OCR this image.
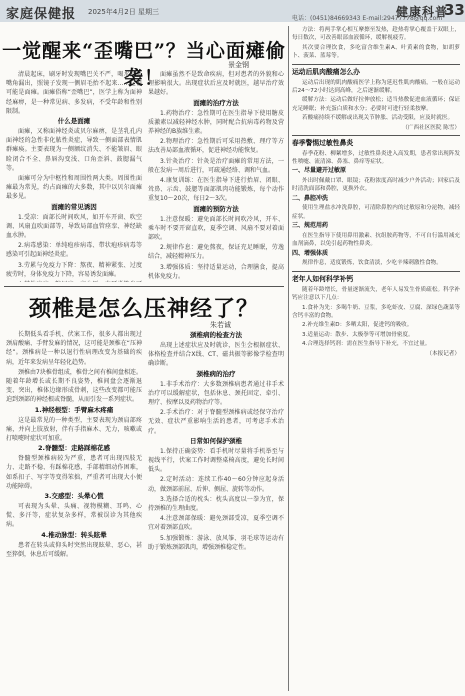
家庭保健报 2025年4月2日 星期三
电话：(0451)84669343 E-mail:29477778@qq.com
健康科普
33
一觉醒来“歪嘴巴”？当心面瘫偷袭！
景金钢

清晨起床，刷牙时发现嘴巴关不严，喝水时从嘴角漏出，照镜子发现一侧眉毛抬不起来……这很可能是面瘫。面瘫俗称“歪嘴巴”，医学上称为面神经麻痹，是一种常见病、多发病，不受年龄和性别限制。

什么是面瘫

面瘫，又称面神经炎或贝尔麻痹，是茎乳孔内面神经的急性非化脓性炎症，导致一侧面部表情肌群瘫痪。主要表现为一侧额纹消失、不能皱眉、眼睑闭合不全、鼻唇沟变浅、口角歪斜、鼓腮漏气等。

面瘫可分为中枢性和周围性两大类。周围性面瘫最为常见，约占面瘫的大多数，其中以贝尔面瘫最多见。

面瘫的常见诱因

1.受凉：面部长时间吹风，如开车开窗、吹空调、风扇直吹面部等，导致局部血管痉挛、神经缺血水肿。

2.病毒感染：单纯疱疹病毒、带状疱疹病毒等感染可引起面神经炎症。

3.劳累与免疫力下降：熬夜、精神紧张、过度疲劳时，身体免疫力下降，容易诱发面瘫。

面瘫虽然不是致命疾病，但对患者的外貌和心理影响很大。出现症状后应及时就医，越早治疗效果越好。

面瘫的治疗方法

1.药物治疗：急性期可在医生指导下使用糖皮质激素以减轻神经水肿，同时配合抗病毒药物及营养神经的B族维生素。

2.物理治疗：急性期后可采用热敷、理疗等方法改善局部血液循环，促进神经功能恢复。

3.针灸治疗：针灸是治疗面瘫的常用方法，一般在发病一周后进行，可疏通经络、调和气血。

4.康复训练：在医生指导下进行抬眉、闭眼、耸鼻、示齿、鼓腮等面部肌肉功能锻炼，每个动作重复10～20次，每日2～3次。

面瘫的预防方法

1.注意保暖：避免面部长时间吹冷风，开车、乘车时不要开窗直吹，夏季空调、风扇不要对着面部吹。

2.规律作息：避免熬夜，保证充足睡眠，劳逸结合，减轻精神压力。

3.增强体质：坚持适量运动，合理膳食，提高机体免疫力。

颈椎是怎么压神经了？
朱若诚

长期低头看手机、伏案工作，很多人都出现过颈肩酸痛、手臂发麻的情况，这可能是颈椎在“压神经”。颈椎病是一种以退行性病理改变为基础的疾病，近年来发病呈年轻化趋势。

颈椎由7块椎骨组成，椎骨之间有椎间盘相连。随着年龄增长或长期不良姿势，椎间盘会逐渐退变、突出，椎体边缘形成骨刺，这些改变都可能压迫到颈部的神经根或脊髓，从而引发一系列症状。

1.神经根型：手臂麻木疼痛

这是最常见的一种类型，主要表现为颈肩部疼痛，并向上肢放射，伴有手指麻木、无力，咳嗽或打喷嚏时症状可加重。

2.脊髓型：走路踩棉花感

脊髓型颈椎病较为严重，患者可出现四肢无力、走路不稳、有踩棉花感，手部精细动作困难，如系扣子、写字等变得笨拙，严重者可出现大小便功能障碍。

3.交感型：头晕心慌

可表现为头晕、头痛、视物模糊、耳鸣、心慌、多汗等，症状复杂多样，常被误诊为其他疾病。

4.椎动脉型：转头眩晕

患者在转头或仰头时突然出现眩晕、恶心，甚至猝倒，休息后可缓解。

颈椎病的检查方法

出现上述症状应及时就诊，医生会根据症状、体格检查并结合X线、CT、磁共振等影像学检查明确诊断。

颈椎病的治疗

1.非手术治疗：大多数颈椎病患者通过非手术治疗可以缓解症状，包括休息、颈托固定、牵引、理疗、按摩以及药物治疗等。

2.手术治疗：对于脊髓型颈椎病或经保守治疗无效、症状严重影响生活的患者，可考虑手术治疗。

日常如何保护颈椎

1.保持正确姿势：看手机时尽量将手机举至与视线平行，伏案工作时调整桌椅高度，避免长时间低头。

2.定时活动：连续工作40～60分钟应起身活动，做颈部前屈、后伸、侧屈、旋转等动作。

3.选择合适的枕头：枕头高度以一拳为宜，保持颈椎的生理曲度。

4.注意颈部保暖：避免颈部受凉，夏季空调不宜对着颈部直吹。

5.加强锻炼：游泳、放风筝、羽毛球等运动有助于锻炼颈部肌肉，增强颈椎稳定性。

方法：将两手掌心相互摩擦至发热，趁热将掌心覆盖于双眼上，每日数次，可改善眼部血液循环，缓解视疲劳。

其次要合理饮食，多吃富含维生素A、叶黄素的食物，如胡萝卜、菠菜、蓝莓等。

运动后肌肉酸痛怎么办

运动后出现的肌肉酸痛医学上称为延迟性肌肉酸痛，一般在运动后24～72小时达到高峰，之后逐渐缓解。

缓解方法：运动后做好拉伸放松；适当热敷促进血液循环；保证充足睡眠；补充蛋白质和水分；必要时可进行轻柔按摩。

若酸痛持续不缓解或出现关节肿胀、活动受限，应及时就医。

（广西社区医院 陈雪）
春季警惕过敏性鼻炎

春季花粉、柳絮增多，过敏性鼻炎进入高发期，患者常出现阵发性喷嚏、流清涕、鼻塞、鼻痒等症状。

一、尽量避开过敏原

外出时佩戴口罩、眼镜；花粉浓度高时减少户外活动；回家后及时清洗面部和鼻腔，更换外衣。

二、鼻腔冲洗

使用生理盐水冲洗鼻腔，可清除鼻腔内的过敏原和分泌物，减轻症状。

三、规范用药

在医生指导下使用鼻用激素、抗组胺药物等，不可自行滥用减充血剂滴鼻，以免引起药物性鼻炎。

四、增强体质

规律作息，适度锻炼，饮食清淡，少吃辛辣刺激性食物。

老年人如何科学补钙

随着年龄增长，骨量逐渐流失，老年人易发生骨质疏松。科学补钙应注意以下几点：

1.食补为先：多喝牛奶、豆浆，多吃虾皮、豆腐、深绿色蔬菜等含钙丰富的食物。

2.补充维生素D：多晒太阳，促进钙的吸收。

3.适量运动：散步、太极拳等可增加骨密度。

4.合理选择钙剂：需在医生指导下补充，不宜过量。

（本报记者）
